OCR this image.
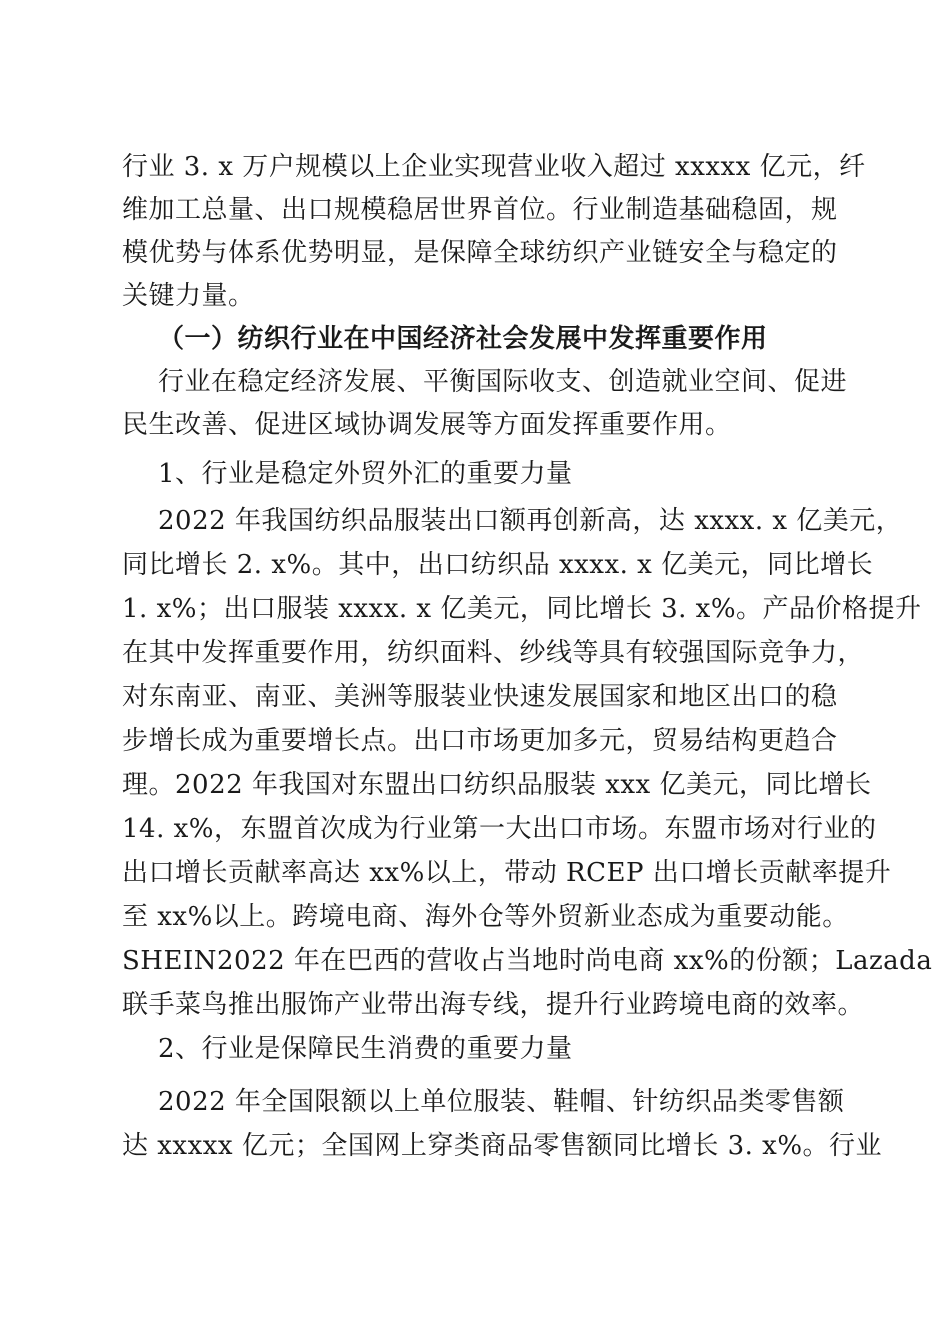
行业 3. x 万户规模以上企业实现营业收入超过 xxxxx 亿元，纤
维加工总量、出口规模稳居世界首位。行业制造基础稳固，规
模优势与体系优势明显，是保障全球纺织产业链安全与稳定的
关键力量。
（一）纺织行业在中国经济社会发展中发挥重要作用
行业在稳定经济发展、平衡国际收支、创造就业空间、促进
民生改善、促进区域协调发展等方面发挥重要作用。
1、行业是稳定外贸外汇的重要力量
2022 年我国纺织品服装出口额再创新高，达 xxxx. x 亿美元，
同比增长 2. x%。其中，出口纺织品 xxxx. x 亿美元，同比增长
1. x%；出口服装 xxxx. x 亿美元，同比增长 3. x%。产品价格提升
在其中发挥重要作用，纺织面料、纱线等具有较强国际竞争力，
对东南亚、南亚、美洲等服装业快速发展国家和地区出口的稳
步增长成为重要增长点。出口市场更加多元，贸易结构更趋合
理。2022 年我国对东盟出口纺织品服装 xxx 亿美元，同比增长
14. x%，东盟首次成为行业第一大出口市场。东盟市场对行业的
出口增长贡献率高达 xx%以上，带动 RCEP 出口增长贡献率提升
至 xx%以上。跨境电商、海外仓等外贸新业态成为重要动能。
SHEIN2022 年在巴西的营收占当地时尚电商 xx%的份额；Lazada
联手菜鸟推出服饰产业带出海专线，提升行业跨境电商的效率。
2、行业是保障民生消费的重要力量
2022 年全国限额以上单位服装、鞋帽、针纺织品类零售额
达 xxxxx 亿元；全国网上穿类商品零售额同比增长 3. x%。行业
